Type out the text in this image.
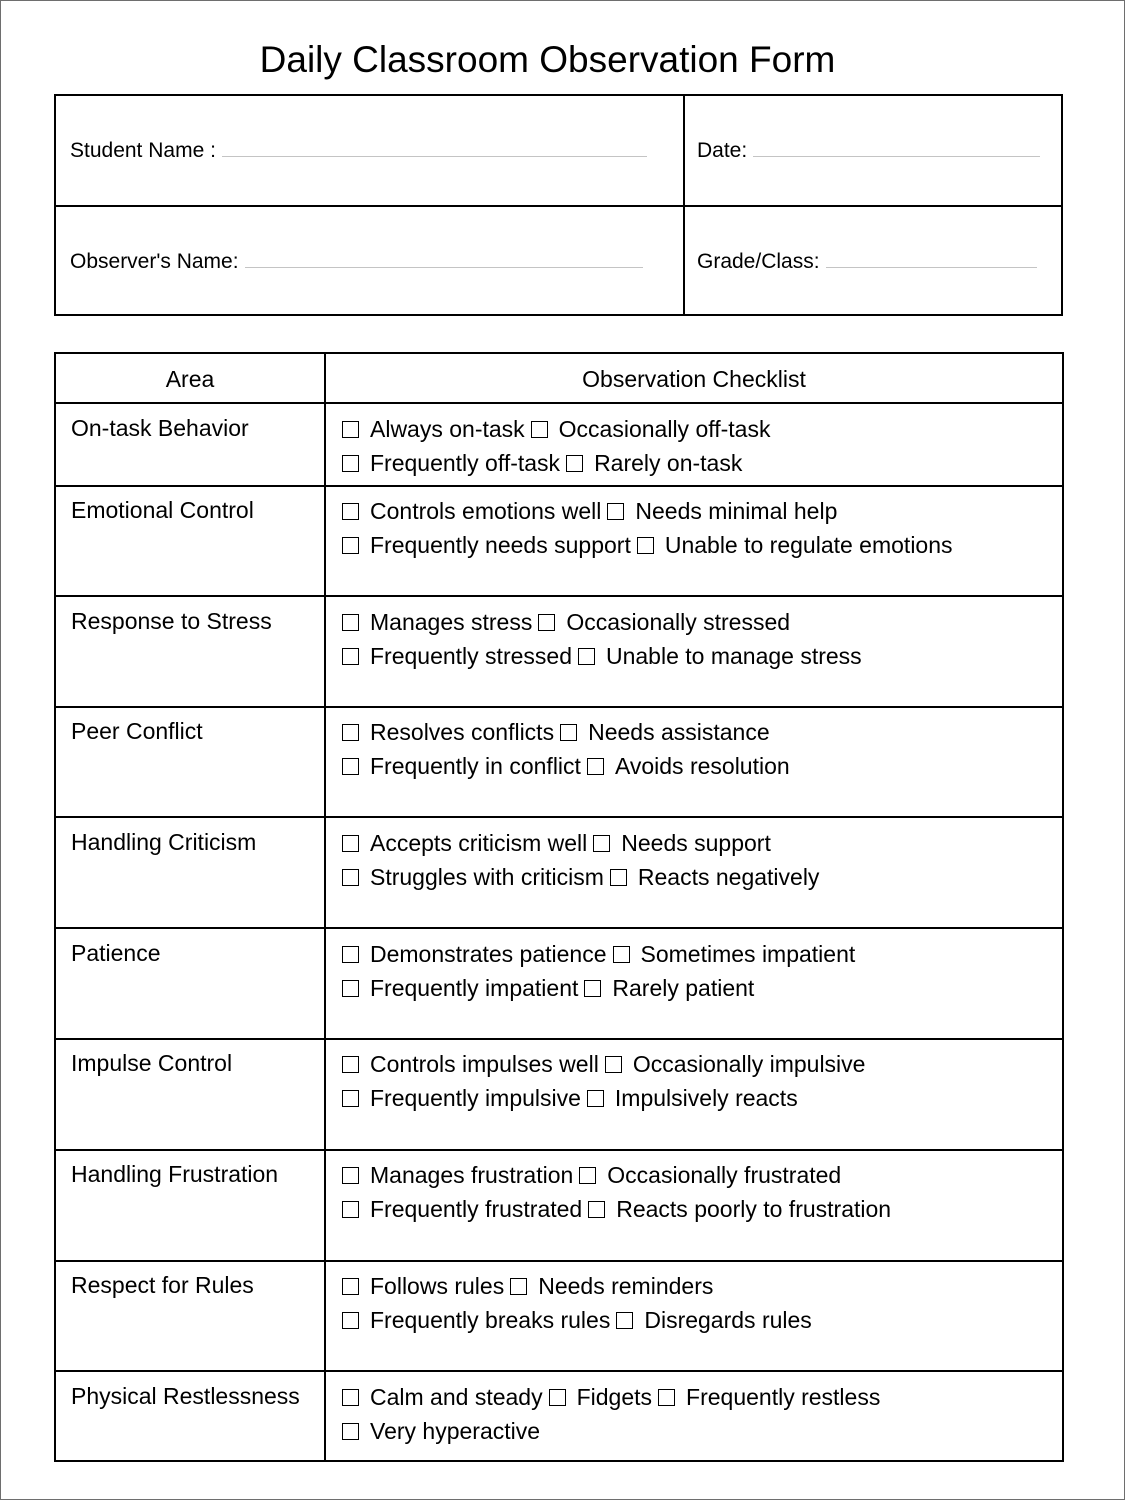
Daily Classroom Observation Form
Student Name :	Date:
Observer's Name:	Grade/Class:
Area	Observation Checklist
On-task Behavior	Always on-task Occasionally off-task
Frequently off-task Rarely on-task
Emotional Control	Controls emotions well Needs minimal help
Frequently needs support Unable to regulate emotions
Response to Stress	Manages stress Occasionally stressed
Frequently stressed Unable to manage stress
Peer Conflict	Resolves conflicts Needs assistance
Frequently in conflict Avoids resolution
Handling Criticism	Accepts criticism well Needs support
Struggles with criticism Reacts negatively
Patience	Demonstrates patience Sometimes impatient
Frequently impatient Rarely patient
Impulse Control	Controls impulses well Occasionally impulsive
Frequently impulsive Impulsively reacts
Handling Frustration	Manages frustration Occasionally frustrated
Frequently frustrated Reacts poorly to frustration
Respect for Rules	Follows rules Needs reminders
Frequently breaks rules Disregards rules
Physical Restlessness	Calm and steady Fidgets Frequently restless
Very hyperactive
